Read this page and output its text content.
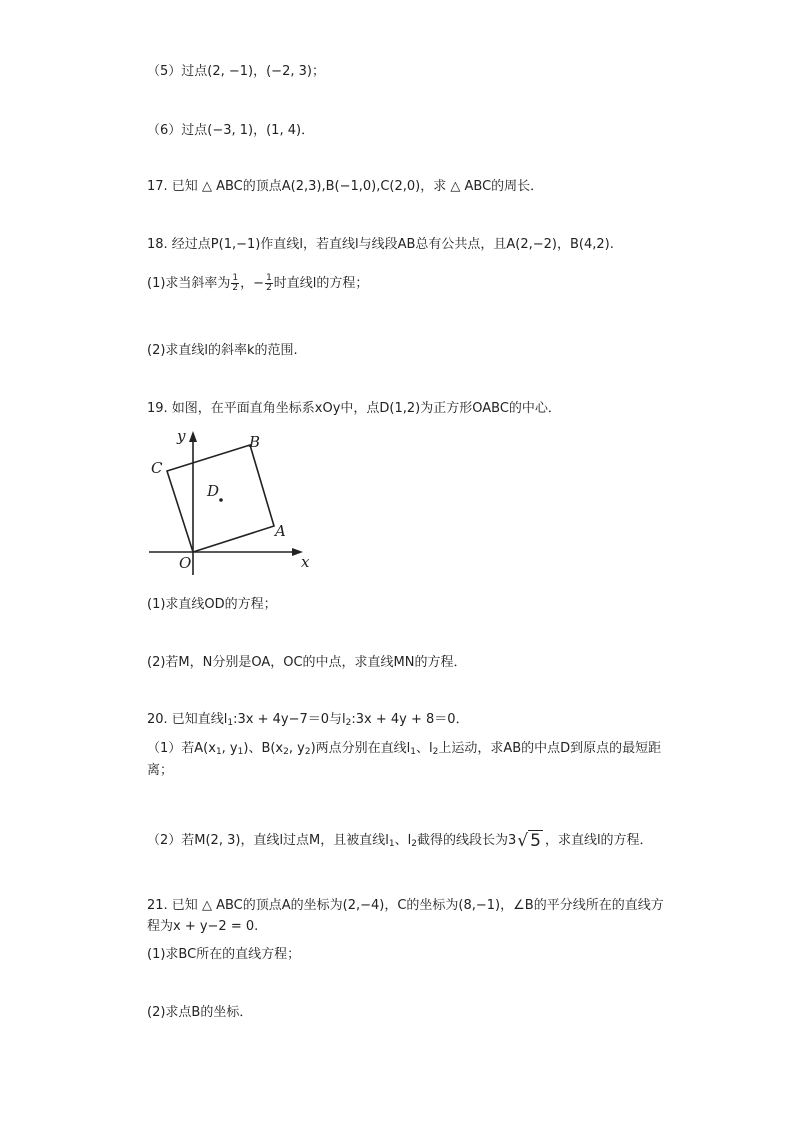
（5）过点(2, −1)，(−2, 3)；
（6）过点(−3, 1)，(1, 4)．
17. 已知 △ ABC的顶点A(2,3),B(−1,0),C(2,0)，求 △ ABC的周长．
18. 经过点P(1,−1)作直线l，若直线l与线段AB总有公共点，且A(2,−2)，B(4,2).
(1)求当斜率为 $\frac{1}{2}$ ，− $\frac{1}{2}$ 时直线l的方程；
(2)求直线l的斜率k的范围.
19. 如图，在平面直角坐标系xOy中，点D(1,2)为正方形OABC的中心．
y
x
O
A
B
C
D
(1)求直线OD的方程；
(2)若M，N分别是OA，OC的中点，求直线MN的方程．
20. 已知直线$l_1:3x + 4y-7=0$与$l_2:3x + 4y + 8=0$．
（1）若$A(x_1$, $y_1$)、$B(x_2$, $y_2$)两点分别在直线$l_1$、$l_2$上运动，求AB的中点D到原点的最短距
离；
（2）若M(2, 3)，直线l过点M，且被直线$l_1$、$l_2$截得的线段长为3√ 5 ，求直线l的方程．
21. 已知 △ ABC的顶点A的坐标为(2,−4)，C的坐标为(8,−1)，∠B的平分线所在的直线方
程为x + y−2 = 0.
(1)求BC所在的直线方程；
(2)求点B的坐标．
